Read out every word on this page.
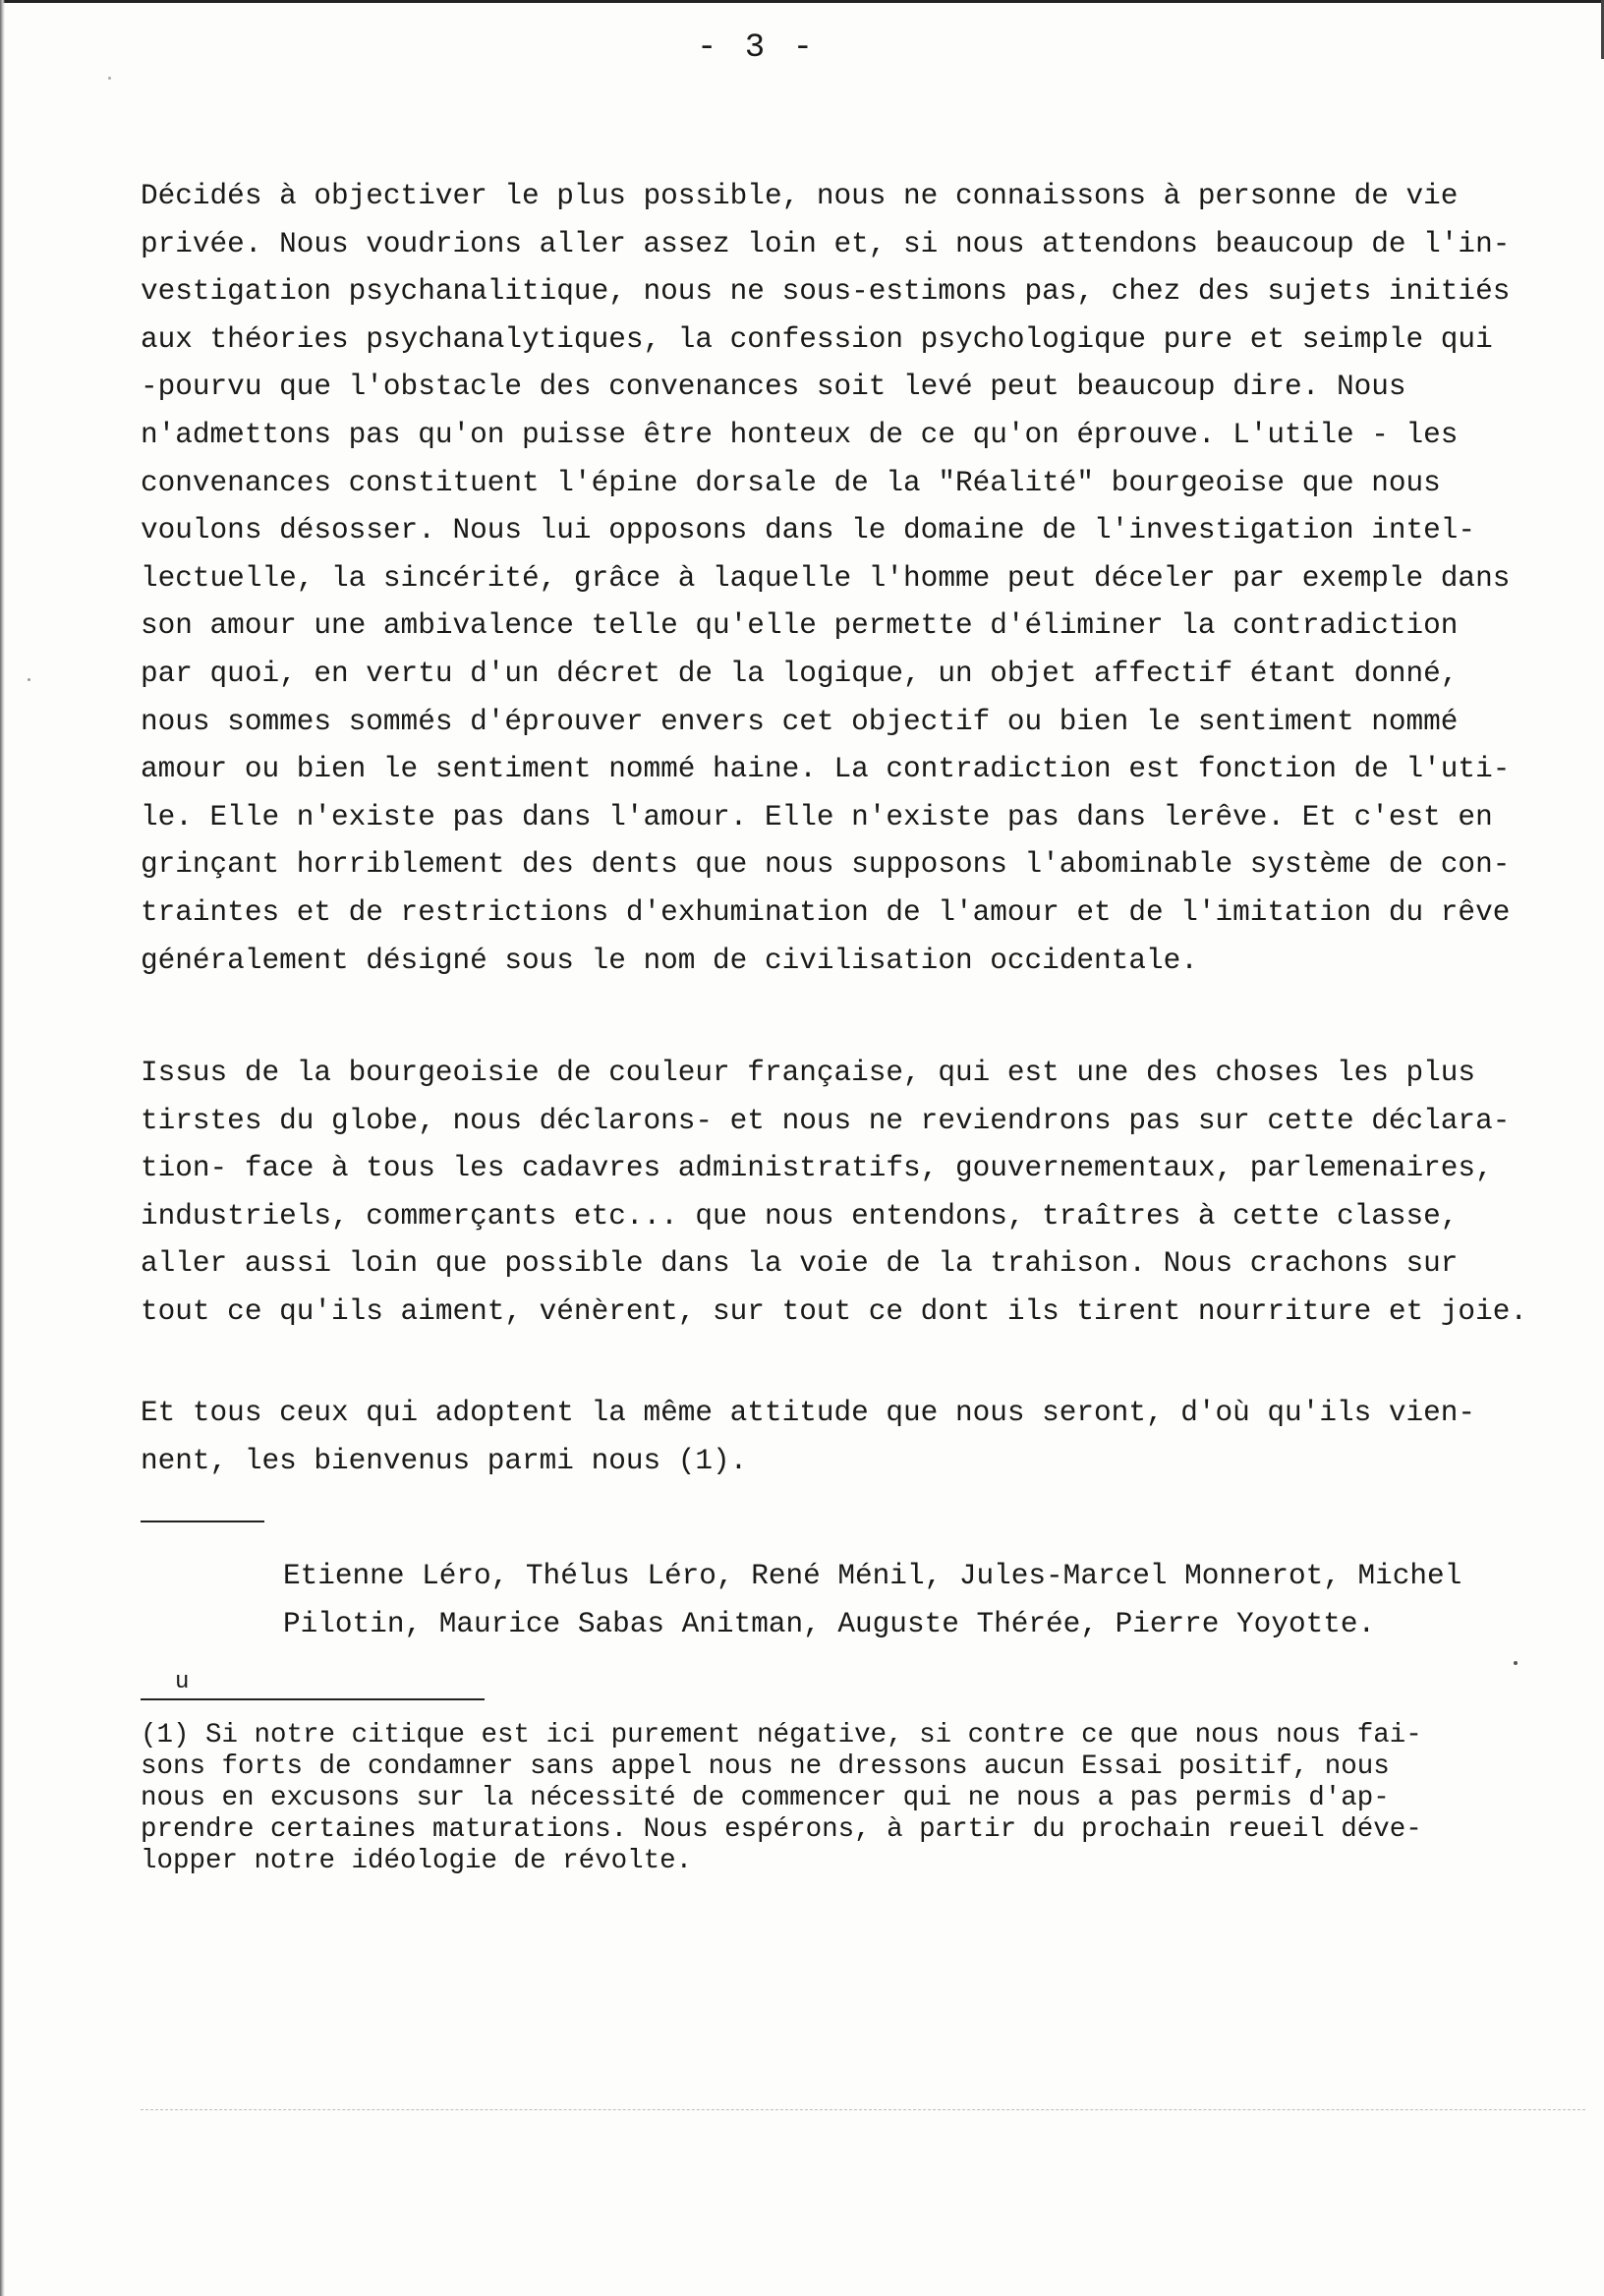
- 3 -
Décidés à objectiver le plus possible, nous ne connaissons à personne de vie
privée. Nous voudrions aller assez loin et, si nous attendons beaucoup de l'in-
vestigation psychanalitique, nous ne sous-estimons pas, chez des sujets initiés
aux théories psychanalytiques, la confession psychologique pure et seimple qui
-pourvu que l'obstacle des convenances soit levé peut beaucoup dire. Nous
n'admettons pas qu'on puisse être honteux de ce qu'on éprouve. L'utile - les
convenances constituent l'épine dorsale de la "Réalité" bourgeoise que nous
voulons désosser. Nous lui opposons dans le domaine de l'investigation intel-
lectuelle, la sincérité, grâce à laquelle l'homme peut déceler par exemple dans
son amour une ambivalence telle qu'elle permette d'éliminer la contradiction
par quoi, en vertu d'un décret de la logique, un objet affectif étant donné,
nous sommes sommés d'éprouver envers cet objectif ou bien le sentiment nommé
amour ou bien le sentiment nommé haine. La contradiction est fonction de l'uti-
le. Elle n'existe pas dans l'amour. Elle n'existe pas dans lerêve. Et c'est en
grinçant horriblement des dents que nous supposons l'abominable système de con-
traintes et de restrictions d'exhumination de l'amour et de l'imitation du rêve
généralement désigné sous le nom de civilisation occidentale.
Issus de la bourgeoisie de couleur française, qui est une des choses les plus
tirstes du globe, nous déclarons- et nous ne reviendrons pas sur cette déclara-
tion- face à tous les cadavres administratifs, gouvernementaux, parlemenaires,
industriels, commerçants etc... que nous entendons, traîtres à cette classe,
aller aussi loin que possible dans la voie de la trahison. Nous crachons sur
tout ce qu'ils aiment, vénèrent, sur tout ce dont ils tirent nourriture et joie.
Et tous ceux qui adoptent la même attitude que nous seront, d'où qu'ils vien-
nent, les bienvenus parmi nous (1).
Etienne Léro, Thélus Léro, René Ménil, Jules-Marcel Monnerot, Michel
Pilotin, Maurice Sabas Anitman, Auguste Thérée, Pierre Yoyotte.
u
(1) Si notre citique est ici purement négative, si contre ce que nous nous fai-
sons forts de condamner sans appel nous ne dressons aucun Essai positif, nous
nous en excusons sur la nécessité de commencer qui ne nous a pas permis d'ap-
prendre certaines maturations. Nous espérons, à partir du prochain reueil déve-
lopper notre idéologie de révolte.
